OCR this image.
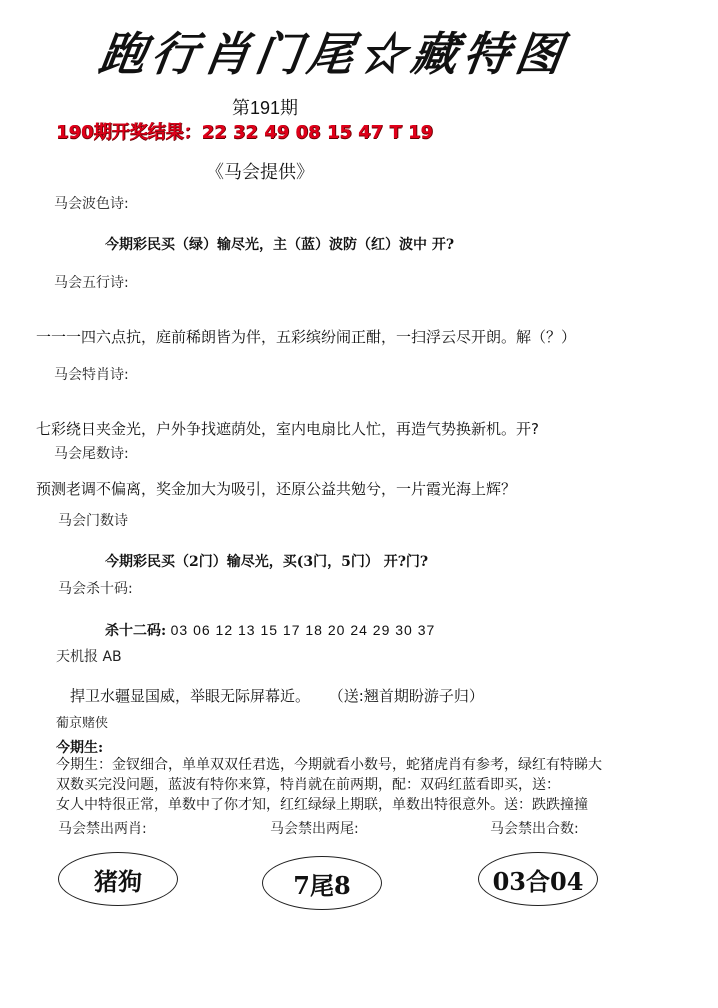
跑行肖门尾☆藏特图
第191期
190期开奖结果：22 32 49 08 15 47 T 19
《马会提供》
马会波色诗:
今期彩民买（绿）输尽光，主（蓝）波防（红）波中 开?
马会五行诗:
一一一四六点抗，庭前稀朗皆为伴，五彩缤纷闹正酣，一扫浮云尽开朗。解（？）
马会特肖诗:
七彩绕日夹金光，户外争找遮荫处，室内电扇比人忙，再造气势换新机。开?
马会尾数诗:
预测老调不偏离，奖金加大为吸引，还原公益共勉兮，一片霞光海上辉？
马会门数诗
今期彩民买（2门）输尽光，买(3门，5门） 开?门?
马会杀十码:
杀十二码: 03 06 12 13 15 17 18 20 24 29 30 37
天机报 AB
捍卫水疆显国威，举眼无际屏幕近。 （送:翘首期盼游子归）
葡京赌侠
今期生:
今期生：金钗细合，单单双双任君选，今期就看小数号，蛇猪虎肖有参考，绿红有特睇大
双数买完没问题，蓝波有特你来算，特肖就在前两期，配：双码红蓝看即买，送：
女人中特很正常，单数中了你才知，红红绿绿上期联，单数出特很意外。送：跌跌撞撞
马会禁出两肖:	马会禁出两尾:	马会禁出合数:
猪狗	7尾8	03合04
